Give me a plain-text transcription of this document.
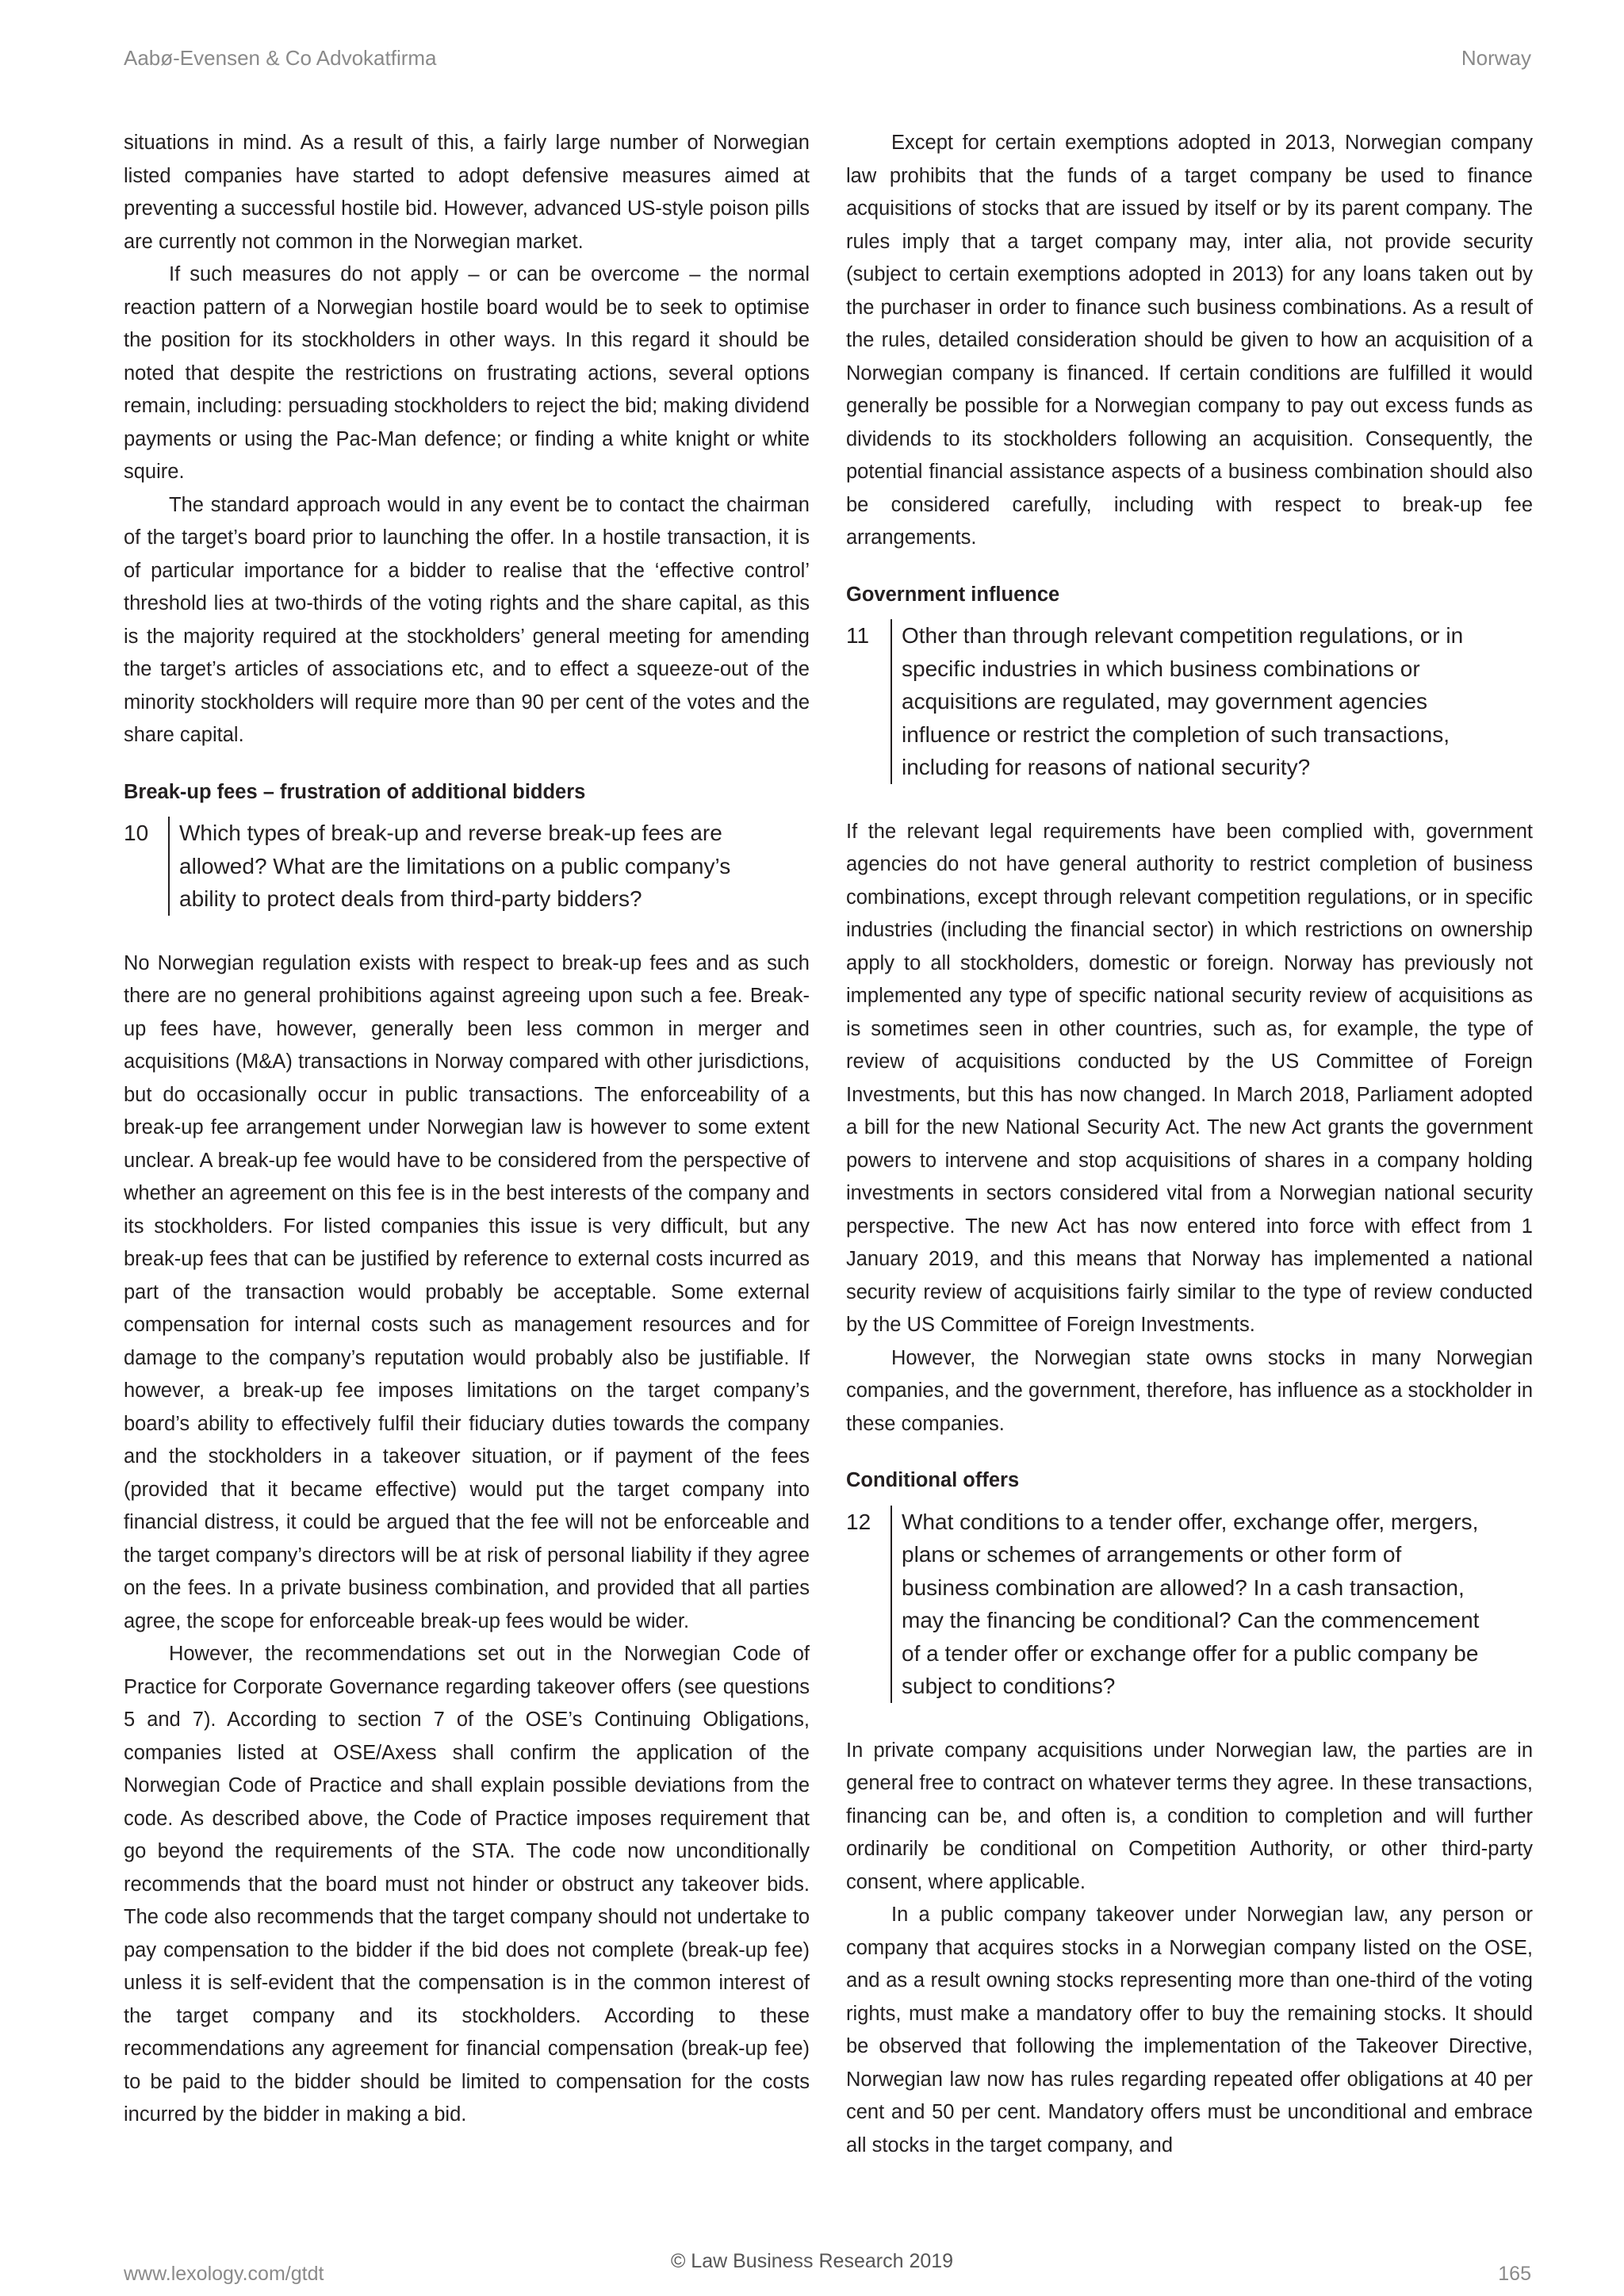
Aabø-Evensen & Co Advokatfirma	Norway

situations in mind. As a result of this, a fairly large number of Norwegian listed companies have started to adopt defensive measures aimed at preventing a successful hostile bid. However, advanced US-style poison pills are currently not common in the Norwegian market.

If such measures do not apply – or can be overcome – the normal reaction pattern of a Norwegian hostile board would be to seek to optimise the position for its stockholders in other ways. In this regard it should be noted that despite the restrictions on frustrating actions, several options remain, including: persuading stockholders to reject the bid; making dividend payments or using the Pac-Man defence; or finding a white knight or white squire.

The standard approach would in any event be to contact the chairman of the target’s board prior to launching the offer. In a hostile transaction, it is of particular importance for a bidder to realise that the ‘effective control’ threshold lies at two-thirds of the voting rights and the share capital, as this is the majority required at the stockholders’ general meeting for amending the target’s articles of associations etc, and to effect a squeeze-out of the minority stockholders will require more than 90 per cent of the votes and the share capital.

Break-up fees – frustration of additional bidders
10	Which types of break-up and reverse break-up fees are allowed? What are the limitations on a public company’s ability to protect deals from third-party bidders?

No Norwegian regulation exists with respect to break-up fees and as such there are no general prohibitions against agreeing upon such a fee. Break-up fees have, however, generally been less common in merger and acquisitions (M&A) transactions in Norway compared with other jurisdictions, but do occasionally occur in public transactions. The enforceability of a break-up fee arrangement under Norwegian law is however to some extent unclear. A break-up fee would have to be considered from the perspective of whether an agreement on this fee is in the best interests of the company and its stockholders. For listed companies this issue is very difficult, but any break-up fees that can be justified by reference to external costs incurred as part of the transaction would probably be acceptable. Some external compensation for internal costs such as management resources and for damage to the company’s reputation would probably also be justifiable. If however, a break-up fee imposes limitations on the target company’s board’s ability to effectively fulfil their fiduciary duties towards the company and the stockholders in a takeover situation, or if payment of the fees (provided that it became effective) would put the target company into financial distress, it could be argued that the fee will not be enforceable and the target company’s directors will be at risk of personal liability if they agree on the fees. In a private business combination, and provided that all parties agree, the scope for enforceable break-up fees would be wider.

However, the recommendations set out in the Norwegian Code of Practice for Corporate Governance regarding takeover offers (see questions 5 and 7). According to section 7 of the OSE’s Continuing Obligations, companies listed at OSE/Axess shall confirm the application of the Norwegian Code of Practice and shall explain possible deviations from the code. As described above, the Code of Practice imposes requirement that go beyond the requirements of the STA. The code now unconditionally recommends that the board must not hinder or obstruct any takeover bids. The code also recommends that the target company should not undertake to pay compensation to the bidder if the bid does not complete (break-up fee) unless it is self-evident that the compensation is in the common interest of the target company and its stockholders. According to these recommendations any agreement for financial compensation (break-up fee) to be paid to the bidder should be limited to compensation for the costs incurred by the bidder in making a bid.

Except for certain exemptions adopted in 2013, Norwegian company law prohibits that the funds of a target company be used to finance acquisitions of stocks that are issued by itself or by its parent company. The rules imply that a target company may, inter alia, not provide security (subject to certain exemptions adopted in 2013) for any loans taken out by the purchaser in order to finance such business combinations. As a result of the rules, detailed consideration should be given to how an acquisition of a Norwegian company is financed. If certain conditions are fulfilled it would generally be possible for a Norwegian company to pay out excess funds as dividends to its stockholders following an acquisition. Consequently, the potential financial assistance aspects of a business combination should also be considered carefully, including with respect to break-up fee arrangements.

Government influence
11	Other than through relevant competition regulations, or in specific industries in which business combinations or acquisitions are regulated, may government agencies influence or restrict the completion of such transactions, including for reasons of national security?

If the relevant legal requirements have been complied with, government agencies do not have general authority to restrict completion of business combinations, except through relevant competition regulations, or in specific industries (including the financial sector) in which restrictions on ownership apply to all stockholders, domestic or foreign. Norway has previously not implemented any type of specific national security review of acquisitions as is sometimes seen in other countries, such as, for example, the type of review of acquisitions conducted by the US Committee of Foreign Investments, but this has now changed. In March 2018, Parliament adopted a bill for the new National Security Act. The new Act grants the government powers to intervene and stop acquisitions of shares in a company holding investments in sectors considered vital from a Norwegian national security perspective. The new Act has now entered into force with effect from 1 January 2019, and this means that Norway has implemented a national security review of acquisitions fairly similar to the type of review conducted by the US Committee of Foreign Investments.

However, the Norwegian state owns stocks in many Norwegian companies, and the government, therefore, has influence as a stockholder in these companies.

Conditional offers
12	What conditions to a tender offer, exchange offer, mergers, plans or schemes of arrangements or other form of business combination are allowed? In a cash transaction, may the financing be conditional? Can the commencement of a tender offer or exchange offer for a public company be subject to conditions?

In private company acquisitions under Norwegian law, the parties are in general free to contract on whatever terms they agree. In these transactions, financing can be, and often is, a condition to completion and will further ordinarily be conditional on Competition Authority, or other third-party consent, where applicable.

In a public company takeover under Norwegian law, any person or company that acquires stocks in a Norwegian company listed on the OSE, and as a result owning stocks representing more than one-third of the voting rights, must make a mandatory offer to buy the remaining stocks. It should be observed that following the implementation of the Takeover Directive, Norwegian law now has rules regarding repeated offer obligations at 40 per cent and 50 per cent. Mandatory offers must be unconditional and embrace all stocks in the target company, and

www.lexology.com/gtdt	165
© Law Business Research 2019
